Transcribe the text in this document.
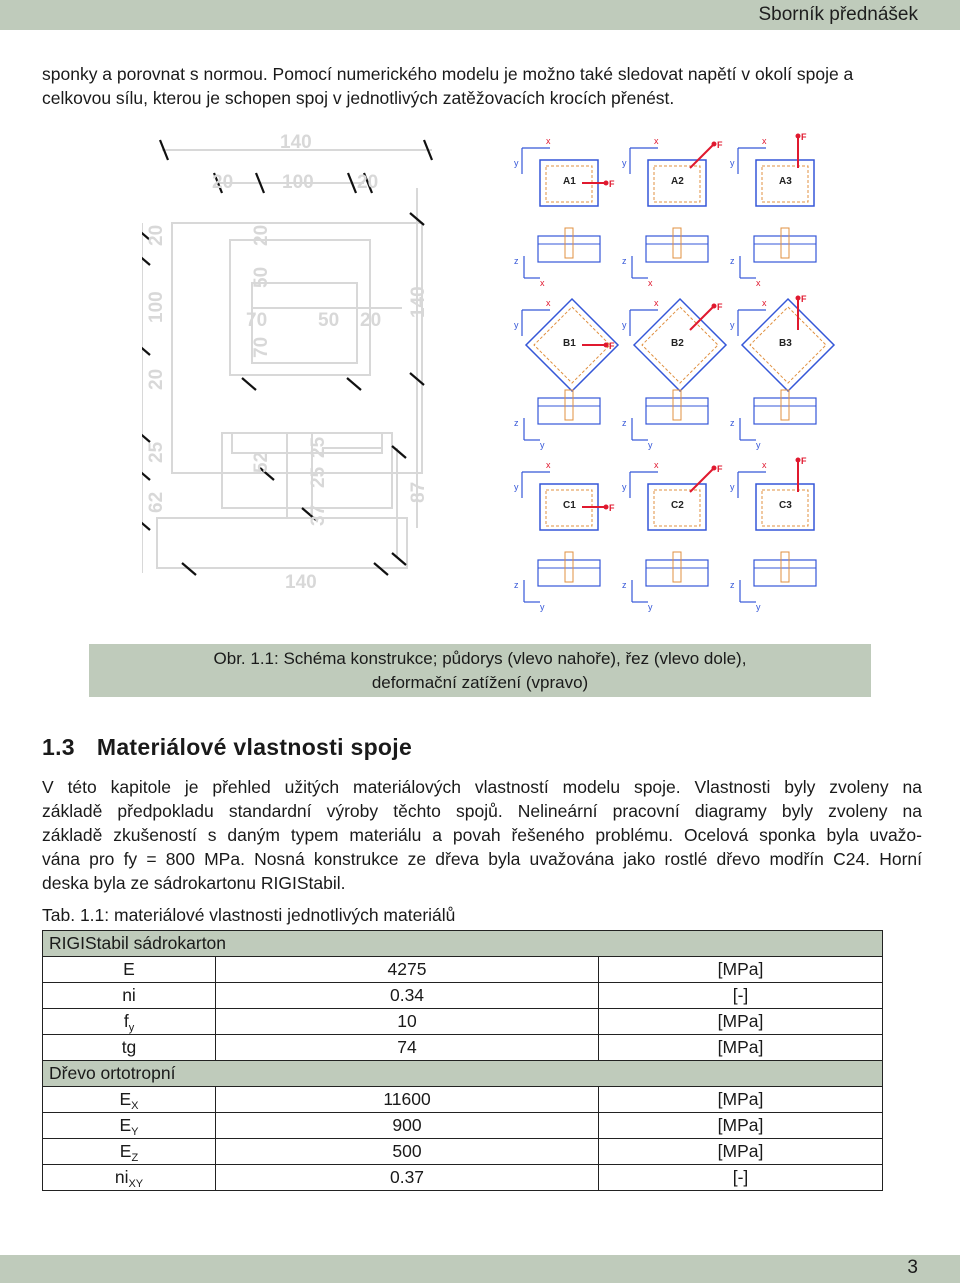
Sborník přednášek

sponky a porovnat s normou. Pomocí numerického modelu je možno také sledovat napětí v okolí spoje a celkovou sílu, kterou je schopen spoj v jednotlivých zatěžovacích krocích přenést.

140
20	100 20
20
100
20
140
20
50
70
70
50 20
25
62
52
25
25
37
87
140
A1
x
y
F
z
x
A2
x
y
F
z
x
A3
x
y
F
z
x
B1
x
y
F
z
y
B2
x
y
F
z
y
B3
x
y
F
z
y
C1
x
y
F
z
y
C2
x
y
F
z
y
C3
x
y
F
z
y
Obr. 1.1: Schéma konstrukce; půdorys (vlevo nahoře), řez (vlevo dole),
deformační zatížení (vpravo)
1.3 Materiálové vlastnosti spoje

V této kapitole je přehled užitých materiálových vlastností modelu spoje. Vlastnosti byly zvoleny na
základě předpokladu standardní výroby těchto spojů. Nelineární pracovní diagramy byly zvoleny na
základě zkušeností s daným typem materiálu a povah řešeného problému. Ocelová sponka byla uvažo-
vána pro fy = 800 MPa. Nosná konstrukce ze dřeva byla uvažována jako rostlé dřevo modřín C24. Horní
deska byla ze sádrokartonu RIGIStabil.

Tab. 1.1: materiálové vlastnosti jednotlivých materiálů
RIGIStabil sádrokarton		
E	4275	[MPa]
ni	0.34	[-]
$f_y$	10	[MPa]
tg	74	[MPa]
Dřevo ortotropní		
$E_X$	11600	[MPa]
$E_Y$	900	[MPa]
$E_Z$	500	[MPa]
$ni_{XY}$	0.37	[-]
3
